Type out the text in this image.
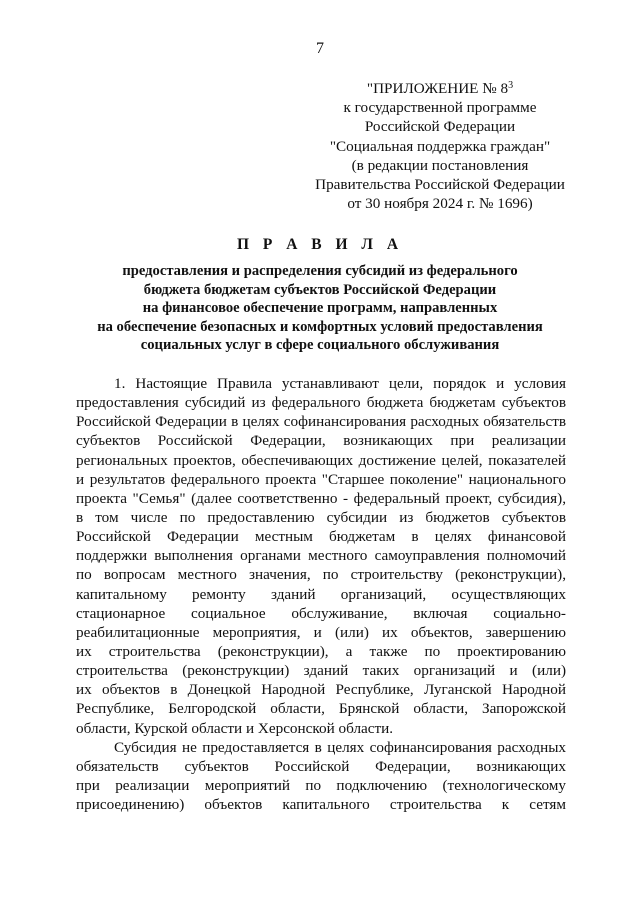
7
"ПРИЛОЖЕНИЕ № $8^3$
к государственной программе
Российской Федерации
"Социальная поддержка граждан"
(в редакции постановления
Правительства Российской Федерации
от 30 ноября 2024 г. № 1696)
П Р А В И Л А
предоставления и распределения субсидий из федерального
бюджета бюджетам субъектов Российской Федерации
на финансовое обеспечение программ, направленных
на обеспечение безопасных и комфортных условий предоставления
социальных услуг в сфере социального обслуживания
1. Настоящие Правила устанавливают цели, порядок и условия
предоставления субсидий из федерального бюджета бюджетам субъектов
Российской Федерации в целях софинансирования расходных обязательств
субъектов Российской Федерации, возникающих при реализации
региональных проектов, обеспечивающих достижение целей, показателей
и результатов федерального проекта "Старшее поколение" национального
проекта "Семья" (далее соответственно - федеральный проект, субсидия),
в том числе по предоставлению субсидии из бюджетов субъектов
Российской Федерации местным бюджетам в целях финансовой
поддержки выполнения органами местного самоуправления полномочий
по вопросам местного значения, по строительству (реконструкции),
капитальному ремонту зданий организаций, осуществляющих
стационарное социальное обслуживание, включая социально-
реабилитационные мероприятия, и (или) их объектов, завершению
их строительства (реконструкции), а также по проектированию
строительства (реконструкции) зданий таких организаций и (или)
их объектов в Донецкой Народной Республике, Луганской Народной
Республике, Белгородской области, Брянской области, Запорожской
области, Курской области и Херсонской области.
Субсидия не предоставляется в целях софинансирования расходных
обязательств субъектов Российской Федерации, возникающих
при реализации мероприятий по подключению (технологическому
присоединению) объектов капитального строительства к сетям
